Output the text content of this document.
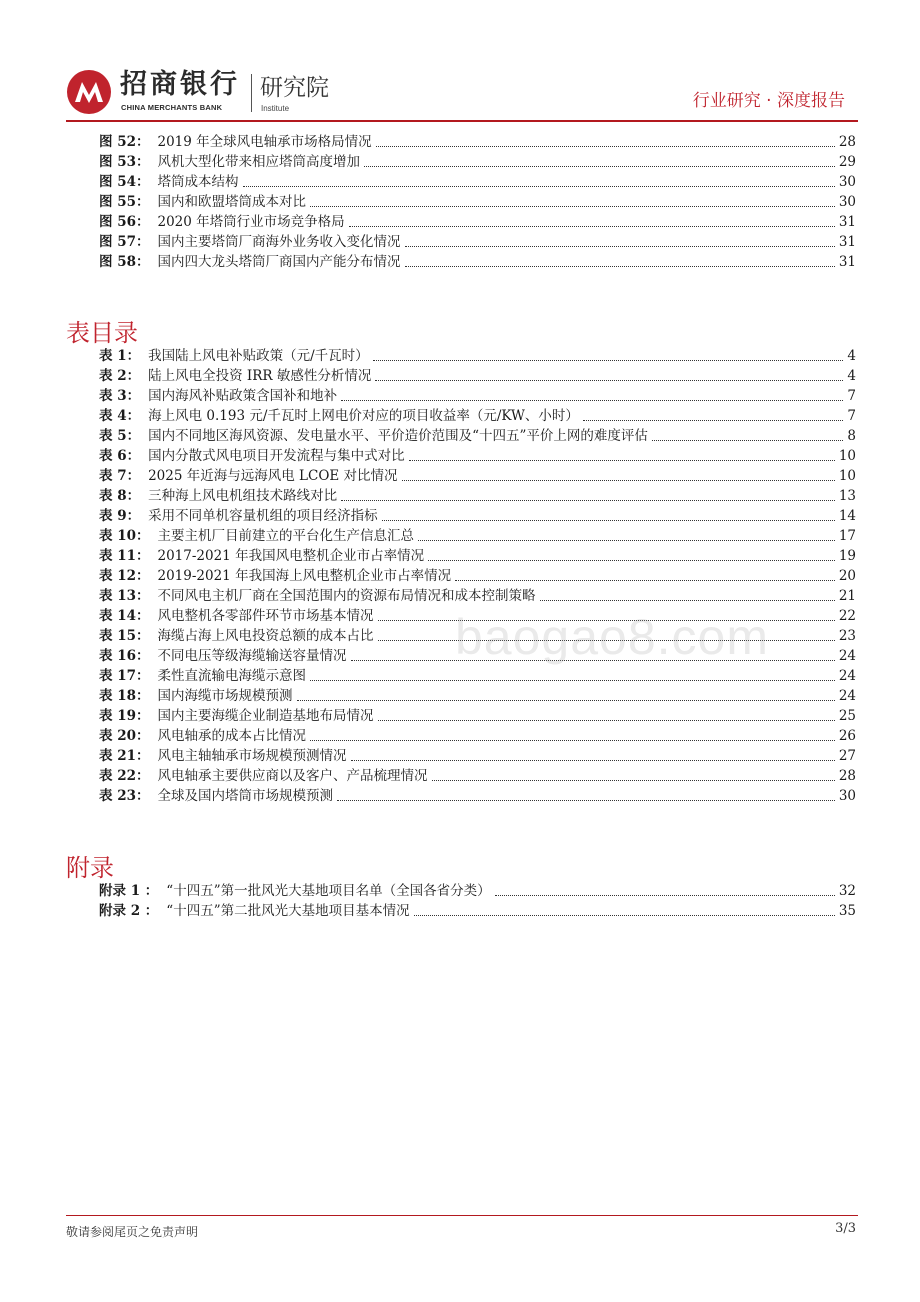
招商银行
CHINA MERCHANTS BANK
研究院
Institute	行业研究 · 深度报告
图 52： 2019 年全球风电轴承市场格局情况	28
图 53： 风机大型化带来相应塔筒高度增加	29
图 54： 塔筒成本结构	30
图 55： 国内和欧盟塔筒成本对比	30
图 56： 2020 年塔筒行业市场竞争格局	31
图 57： 国内主要塔筒厂商海外业务收入变化情况	31
图 58： 国内四大龙头塔筒厂商国内产能分布情况	31
表目录
表 1： 我国陆上风电补贴政策（元/千瓦时）	4
表 2： 陆上风电全投资 IRR 敏感性分析情况	4
表 3： 国内海风补贴政策含国补和地补	7
表 4： 海上风电 0.193 元/千瓦时上网电价对应的项目收益率（元/KW、小时）	7
表 5： 国内不同地区海风资源、发电量水平、平价造价范围及“十四五”平价上网的难度评估	8
表 6： 国内分散式风电项目开发流程与集中式对比	10
表 7： 2025 年近海与远海风电 LCOE 对比情况	10
表 8： 三种海上风电机组技术路线对比	13
表 9： 采用不同单机容量机组的项目经济指标	14
表 10： 主要主机厂目前建立的平台化生产信息汇总	17
表 11： 2017-2021 年我国风电整机企业市占率情况	19
表 12： 2019-2021 年我国海上风电整机企业市占率情况	20
表 13： 不同风电主机厂商在全国范围内的资源布局情况和成本控制策略	21
表 14： 风电整机各零部件环节市场基本情况	22
表 15： 海缆占海上风电投资总额的成本占比	23
表 16： 不同电压等级海缆输送容量情况	24
表 17： 柔性直流输电海缆示意图	24
表 18： 国内海缆市场规模预测	24
表 19： 国内主要海缆企业制造基地布局情况	25
表 20： 风电轴承的成本占比情况	26
表 21： 风电主轴轴承市场规模预测情况	27
表 22： 风电轴承主要供应商以及客户、产品梳理情况	28
表 23： 全球及国内塔筒市场规模预测	30
baogao8.com
附录
附录 1 ： “十四五”第一批风光大基地项目名单（全国各省分类）	32
附录 2 ： “十四五”第二批风光大基地项目基本情况	35
敬请参阅尾页之免责声明	3/3
